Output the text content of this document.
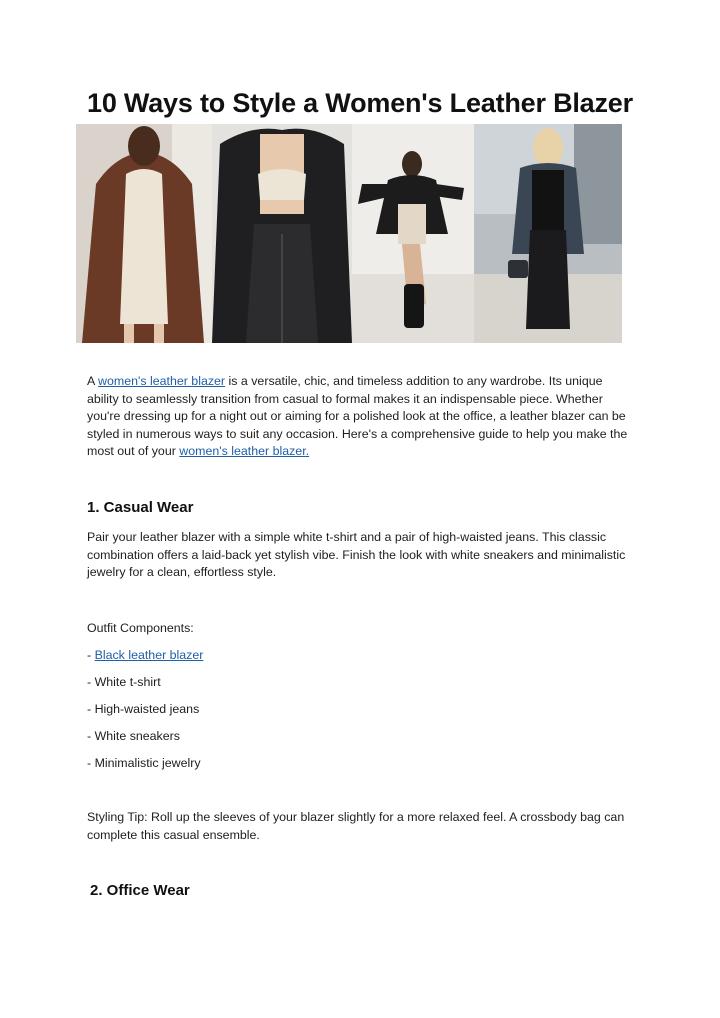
10 Ways to Style a Women's Leather Blazer

A women's leather blazer is a versatile, chic, and timeless addition to any wardrobe. Its unique ability to seamlessly transition from casual to formal makes it an indispensable piece. Whether you're dressing up for a night out or aiming for a polished look at the office, a leather blazer can be styled in numerous ways to suit any occasion. Here's a comprehensive guide to help you make the most out of your women's leather blazer.

1. Casual Wear

Pair your leather blazer with a simple white t-shirt and a pair of high-waisted jeans. This classic combination offers a laid-back yet stylish vibe. Finish the look with white sneakers and minimalistic jewelry for a clean, effortless style.

Outfit Components:
- Black leather blazer
- White t-shirt
- High-waisted jeans
- White sneakers
- Minimalistic jewelry

Styling Tip: Roll up the sleeves of your blazer slightly for a more relaxed feel. A crossbody bag can complete this casual ensemble.

2. Office Wear
